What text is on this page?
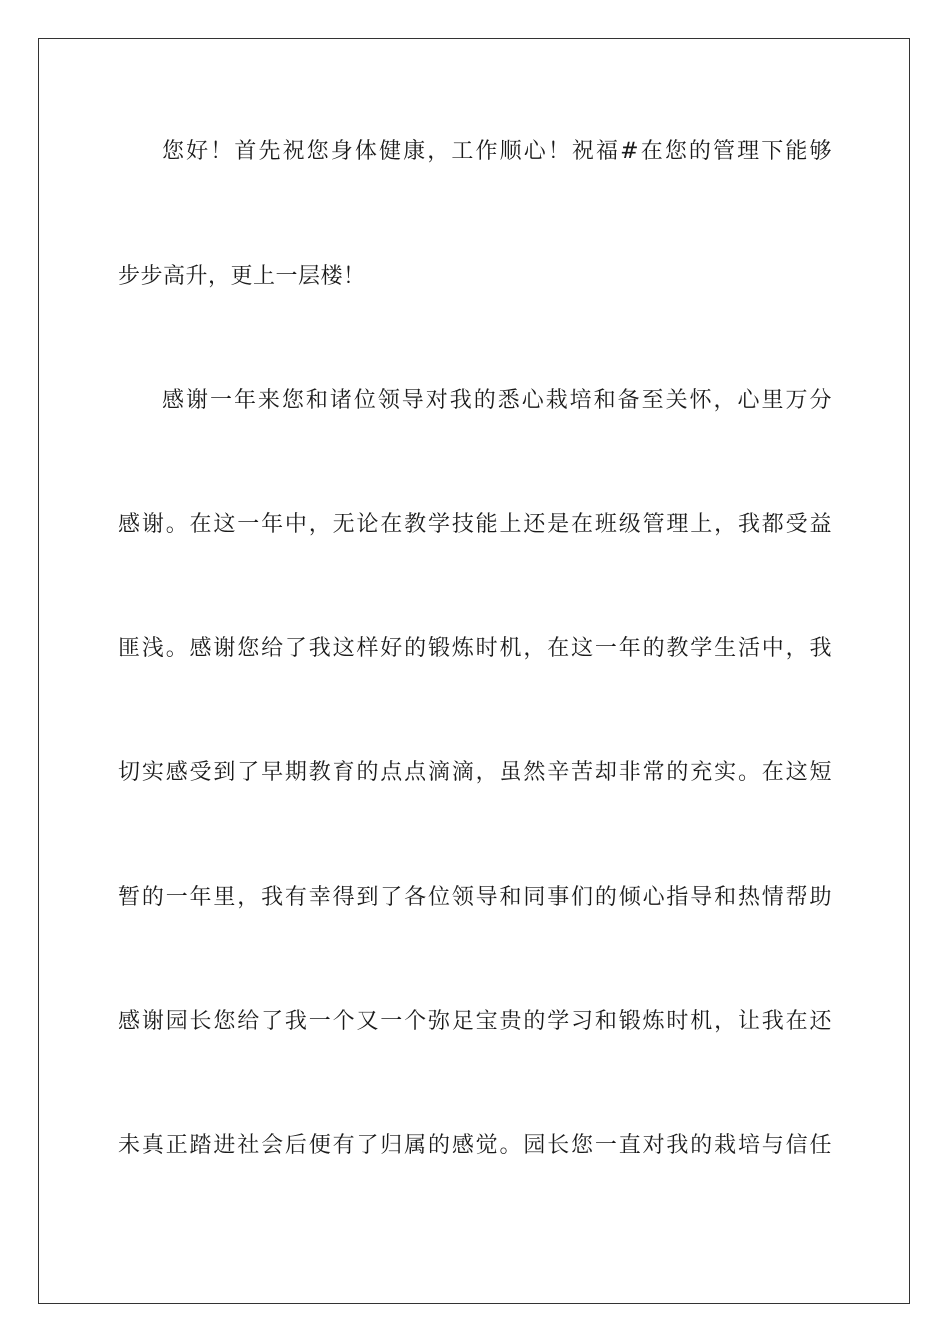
您好！首先祝您身体健康，工作顺心！祝福#在您的管理下能够

步步高升，更上一层楼！

感谢一年来您和诸位领导对我的悉心栽培和备至关怀，心里万分

感谢。在这一年中，无论在教学技能上还是在班级管理上，我都受益

匪浅。感谢您给了我这样好的锻炼时机，在这一年的教学生活中，我

切实感受到了早期教育的点点滴滴，虽然辛苦却非常的充实。在这短

暂的一年里，我有幸得到了各位领导和同事们的倾心指导和热情帮助

感谢园长您给了我一个又一个弥足宝贵的学习和锻炼时机，让我在还

未真正踏进社会后便有了归属的感觉。园长您一直对我的栽培与信任
